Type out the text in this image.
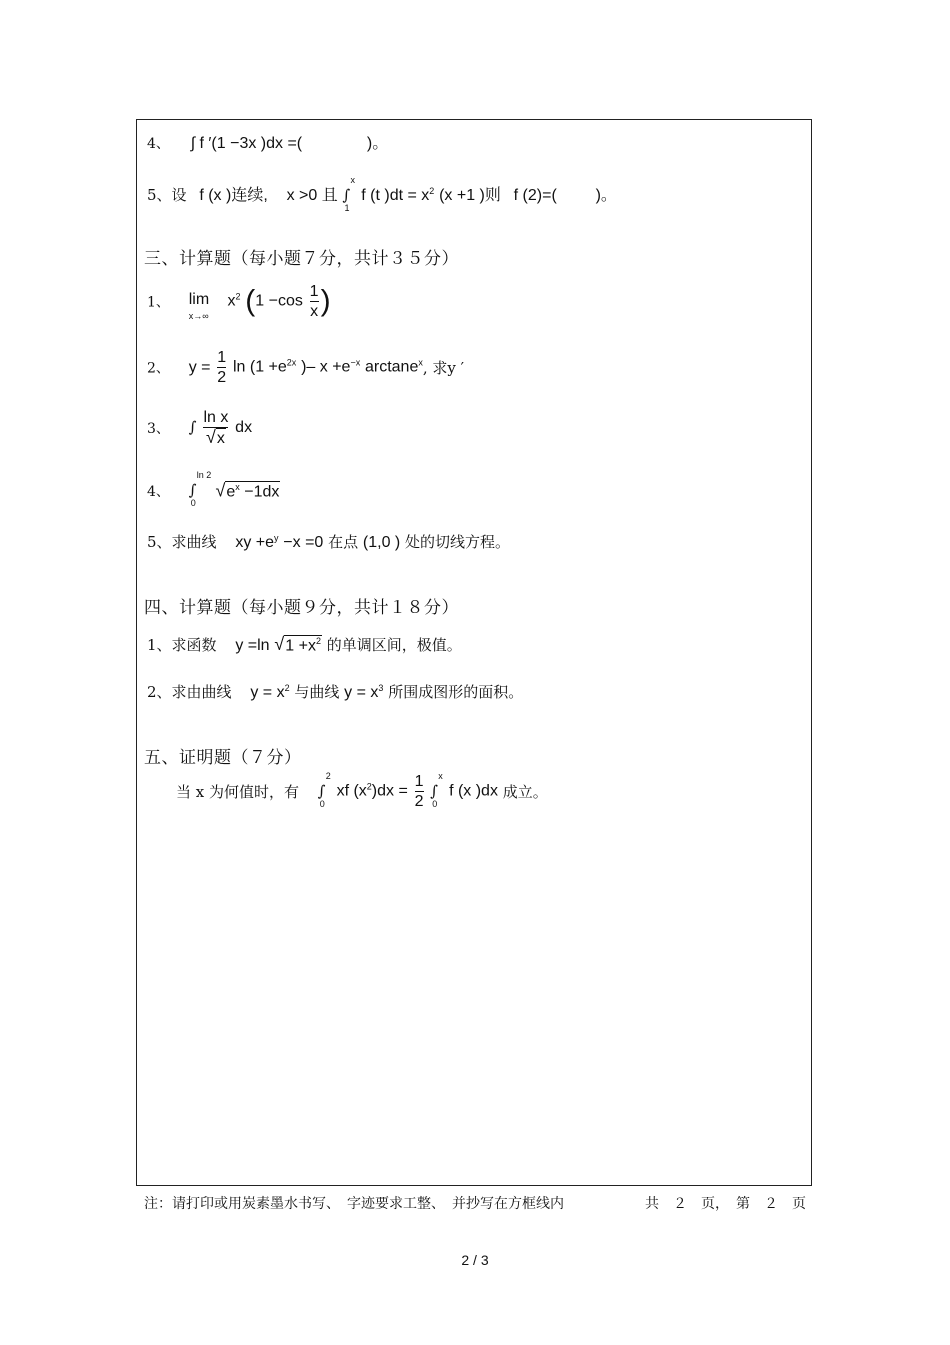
4、 ∫ f ′(1 −3x )dx =(	)。
5、设 f (x )连续, x >0 且 ∫
x
1
f (t )$dt = x^2$ (x +1 )则 f (2)=( )。
三、计算题（每小题７分，共计３５分）
1、 lim
x→∞
$x^2$ ($1 -\cos \frac{1}{x}$ )
2、 $y = \frac{1}{2}$ $\ln (1 +e^{2x}$ )– $x +e^{-x}$ arctane$^x$, 求y ′
3、 ∫
$\frac{\text{ln x}}{√x}$ dx
4、 ∫
ln 2
0
$√e^x -1dx$
5、求曲线 xy $+e^y -x =0$ 在点 (1,0 ) 处的切线方程。
四、计算题（每小题９分，共计１８分）
1、求函数 y =ln $√1 +x^2$ 的单调区间，极值。
2、求由曲线 $y = x^2$ 与曲线 $y = x^3$ 所围成图形的面积。
五、证明题（７分）
当 x 为何值时，有 ∫
2
0
xf $(x^2)dx = \frac{1}{2}$
∫
x
0
f (x )dx 成立。
注：请打印或用炭素墨水书写、　字迹要求工整、　并抄写在方框线内	共　２　页，　第　２　页
2 / 3
